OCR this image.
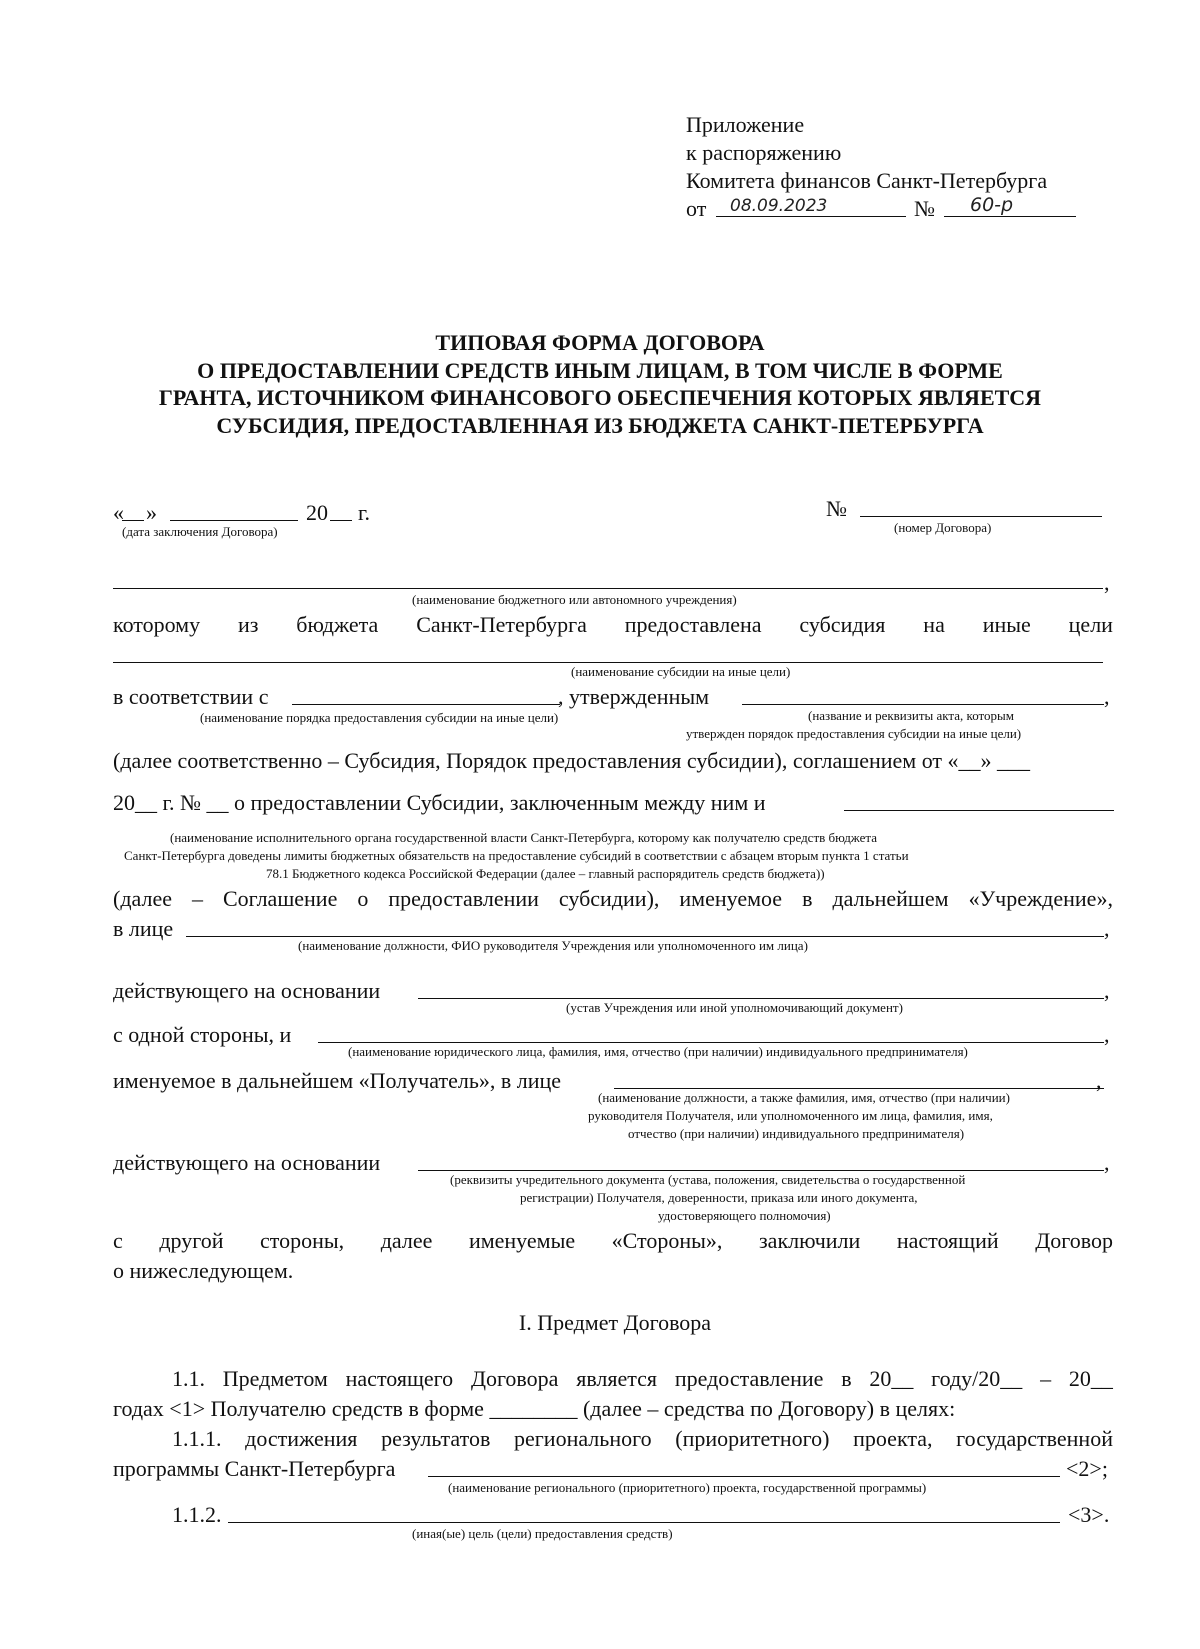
Приложение
к распоряжению
Комитета финансов Санкт-Петербурга
от 08.09.2023	№ 60-р
ТИПОВАЯ ФОРМА ДОГОВОРА
О ПРЕДОСТАВЛЕНИИ СРЕДСТВ ИНЫМ ЛИЦАМ, В ТОМ ЧИСЛЕ В ФОРМЕ
ГРАНТА, ИСТОЧНИКОМ ФИНАНСОВОГО ОБЕСПЕЧЕНИЯ КОТОРЫХ ЯВЛЯЕТСЯ
СУБСИДИЯ, ПРЕДОСТАВЛЕННАЯ ИЗ БЮДЖЕТА САНКТ-ПЕТЕРБУРГА
« »	20 г.
(дата заключения Договора)
№
(номер Договора)
,
(наименование бюджетного или автономного учреждения)
которому из бюджета Санкт-Петербурга предоставлена субсидия на иные цели
(наименование субсидии на иные цели)
в соответствии с	, утвержденным	,
(наименование порядка предоставления субсидии на иные цели)	(название и реквизиты акта, которым
утвержден порядок предоставления субсидии на иные цели)
(далее соответственно – Субсидия, Порядок предоставления субсидии), соглашением от «__» ___
20__ г. № __ о предоставлении Субсидии, заключенным между ним и
(наименование исполнительного органа государственной власти Санкт-Петербурга, которому как получателю средств бюджета
Санкт-Петербурга доведены лимиты бюджетных обязательств на предоставление субсидий в соответствии с абзацем вторым пункта 1 статьи
78.1 Бюджетного кодекса Российской Федерации (далее – главный распорядитель средств бюджета))
(далее – Соглашение о предоставлении субсидии), именуемое в дальнейшем «Учреждение»,
в лице	,
(наименование должности, ФИО руководителя Учреждения или уполномоченного им лица)
действующего на основании	,
(устав Учреждения или иной уполномочивающий документ)
с одной стороны, и	,
(наименование юридического лица, фамилия, имя, отчество (при наличии) индивидуального предпринимателя)
именуемое в дальнейшем «Получатель», в лице	,
(наименование должности, а также фамилия, имя, отчество (при наличии)
руководителя Получателя, или уполномоченного им лица, фамилия, имя,
отчество (при наличии) индивидуального предпринимателя)
действующего на основании	,
(реквизиты учредительного документа (устава, положения, свидетельства о государственной
регистрации) Получателя, доверенности, приказа или иного документа,
удостоверяющего полномочия)
с другой стороны, далее именуемые «Стороны», заключили настоящий Договор
о нижеследующем.
I. Предмет Договора
1.1. Предметом настоящего Договора является предоставление в 20__ году/20__ – 20__
годах <1> Получателю средств в форме ________ (далее – средства по Договору) в целях:
1.1.1. достижения результатов регионального (приоритетного) проекта, государственной
программы Санкт-Петербурга	<2>;
(наименование регионального (приоритетного) проекта, государственной программы)
1.1.2.	<3>.
(иная(ые) цель (цели) предоставления средств)
